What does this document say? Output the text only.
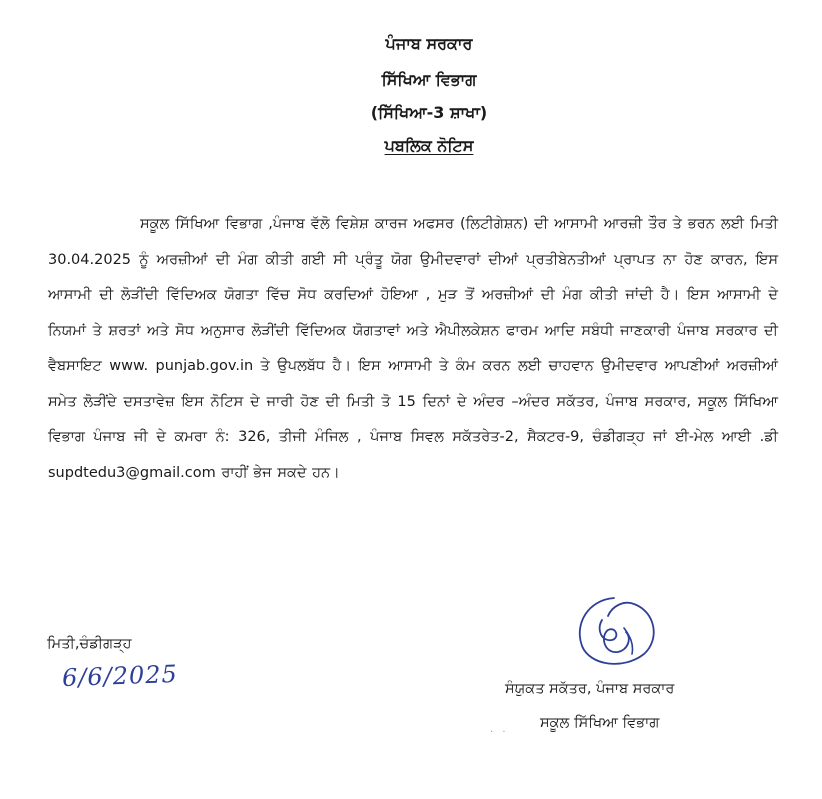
ਪੰਜਾਬ ਸਰਕਾਰ
ਸਿੱਖਿਆ ਵਿਭਾਗ
(ਸਿੱਖਿਆ-3 ਸ਼ਾਖਾ)
ਪਬਲਿਕ ਨੋਟਿਸ

ਸਕੂਲ ਸਿੱਖਿਆ ਵਿਭਾਗ ,ਪੰਜਾਬ ਵੱਲੋ ਵਿਸ਼ੇਸ਼ ਕਾਰਜ ਅਫਸਰ (ਲਿਟੀਗੇਸ਼ਨ) ਦੀ ਆਸਾਮੀ ਆਰਜ਼ੀ ਤੌਰ ਤੇ ਭਰਨ ਲਈ ਮਿਤੀ 30.04.2025 ਨੂੰ ਅਰਜ਼ੀਆਂ ਦੀ ਮੰਗ ਕੀਤੀ ਗਈ ਸੀ ਪ੍ਰੰਤੂ ਯੋਗ ਉਮੀਦਵਾਰਾਂ ਦੀਆਂ ਪ੍ਰਤੀਬੇਨਤੀਆਂ ਪ੍ਰਾਪਤ ਨਾ ਹੋਣ ਕਾਰਨ, ਇਸ ਆਸਾਮੀ ਦੀ ਲੋੜੀਂਦੀ ਵਿੱਦਿਅਕ ਯੋਗਤਾ ਵਿੱਚ ਸੋਧ ਕਰਦਿਆਂ ਹੋਇਆ , ਮੁੜ ਤੋਂ ਅਰਜ਼ੀਆਂ ਦੀ ਮੰਗ ਕੀਤੀ ਜਾਂਦੀ ਹੈ। ਇਸ ਆਸਾਮੀ ਦੇ ਨਿਯਮਾਂ ਤੇ ਸ਼ਰਤਾਂ ਅਤੇ ਸੋਧ ਅਨੁਸਾਰ ਲੋੜੀਂਦੀ ਵਿੱਦਿਅਕ ਯੋਗਤਾਵਾਂ ਅਤੇ ਐਪੀਲਕੇਸ਼ਨ ਫਾਰਮ ਆਦਿ ਸਬੰਧੀ ਜਾਣਕਾਰੀ ਪੰਜਾਬ ਸਰਕਾਰ ਦੀ ਵੈਬਸਾਇਟ www. punjab.gov.in ਤੇ ਉਪਲਬੱਧ ਹੈ। ਇਸ ਆਸਾਮੀ ਤੇ ਕੰਮ ਕਰਨ ਲਈ ਚਾਹਵਾਨ ਉਮੀਦਵਾਰ ਆਪਣੀਆਂ ਅਰਜ਼ੀਆਂ ਸਮੇਤ ਲੋੜੀਂਦੇ ਦਸਤਾਵੇਜ਼ ਇਸ ਨੋਟਿਸ ਦੇ ਜਾਰੀ ਹੋਣ ਦੀ ਮਿਤੀ ਤੋ 15 ਦਿਨਾਂ ਦੇ ਅੰਦਰ –ਅੰਦਰ ਸਕੱਤਰ, ਪੰਜਾਬ ਸਰਕਾਰ, ਸਕੂਲ ਸਿੱਖਿਆ ਵਿਭਾਗ ਪੰਜਾਬ ਜੀ ਦੇ ਕਮਰਾ ਨੰ: 326, ਤੀਜੀ ਮੰਜਿਲ , ਪੰਜਾਬ ਸਿਵਲ ਸਕੱਤਰੇਤ-2, ਸੈਕਟਰ-9, ਚੰਡੀਗੜ੍ਹ ਜਾਂ ਈ-ਮੇਲ ਆਈ .ਡੀ supdtedu3@gmail.com ਰਾਹੀਂ ਭੇਜ ਸਕਦੇ ਹਨ।

ਮਿਤੀ,ਚੰਡੀਗੜ੍ਹ
6/6/2025	ਸੰਯੁਕਤ ਸਕੱਤਰ, ਪੰਜਾਬ ਸਰਕਾਰ
ਸਕੂਲ ਸਿੱਖਿਆ ਵਿਭਾਗ
· ·
